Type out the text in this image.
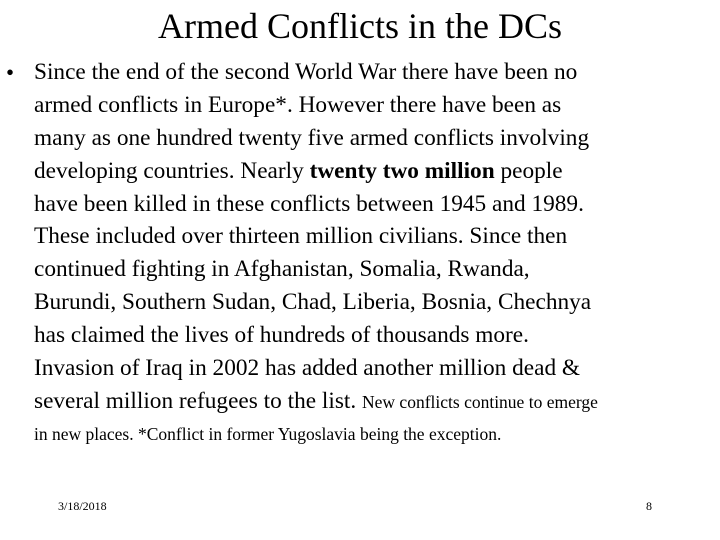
Armed Conflicts in the DCs
• Since the end of the second World War there have been no
armed conflicts in Europe*. However there have been as
many as one hundred twenty five armed conflicts involving
developing countries. Nearly twenty two million people
have been killed in these conflicts between 1945 and 1989.
These included over thirteen million civilians. Since then
continued fighting in Afghanistan, Somalia, Rwanda,
Burundi, Southern Sudan, Chad, Liberia, Bosnia, Chechnya
has claimed the lives of hundreds of thousands more.
Invasion of Iraq in 2002 has added another million dead &
several million refugees to the list. New conflicts continue to emerge
in new places. *Conflict in former Yugoslavia being the exception.
3/18/2018	8
